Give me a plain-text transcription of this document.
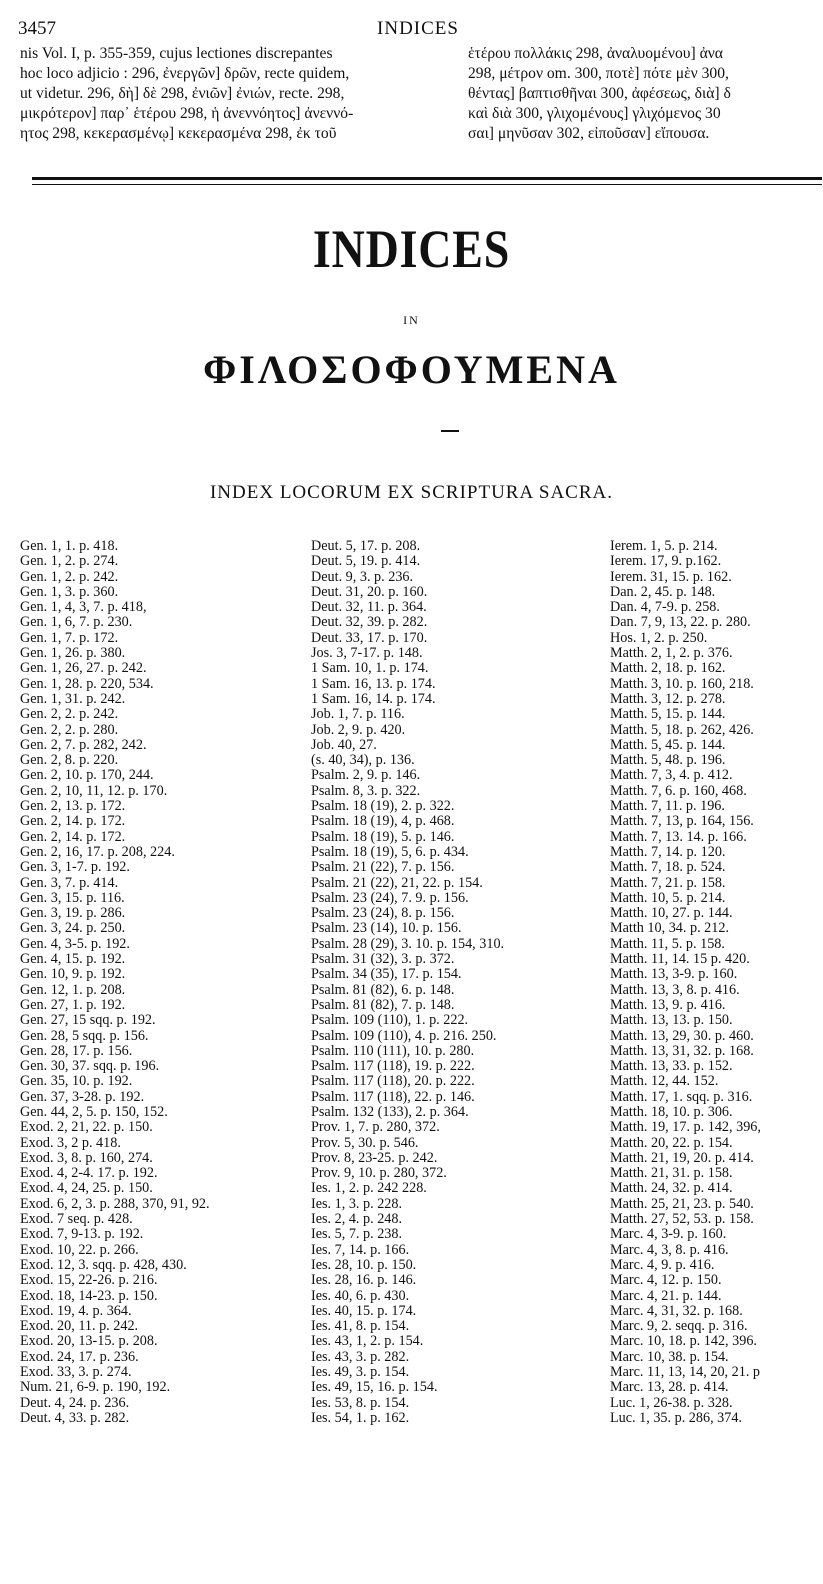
3457	INDICES
nis Vol. I, p. 355-359, cujus lectiones discrepantes
hoc loco adjicio : 296, ἐνεργῶν] δρῶν, recte quidem,
ut videtur. 296, δὴ] δὲ 298, ἐνιῶν] ἐνιών, recte. 298,
μικρότερον] παρ᾽ ἑτέρου 298, ἡ ἀνεννόητος] ἀνεννό-
ητος 298, κεκερασμένῳ] κεκερασμένα 298, ἐκ τοῦ
ἑτέρου πολλάκις 298, ἀναλυομένου] ἀνα
298, μέτρον om. 300, ποτὲ] πότε μὲν 300,
θέντας] βαπτισθῆναι 300, ἀφέσεως, διὰ] δ
καὶ διὰ 300, γλιχομένους] γλιχόμενος 30
σαι] μηνῦσαν 302, εἰποῦσαν] εἴπουσα.
INDICES
IN
ΦΙΛΟΣΟΦΟΥΜΕΝΑ
INDEX LOCORUM EX SCRIPTURA SACRA.
Gen. 1, 1. p. 418.
Gen. 1, 2. p. 274.
Gen. 1, 2. p. 242.
Gen. 1, 3. p. 360.
Gen. 1, 4, 3, 7. p. 418,
Gen. 1, 6, 7. p. 230.
Gen. 1, 7. p. 172.
Gen. 1, 26. p. 380.
Gen. 1, 26, 27. p. 242.
Gen. 1, 28. p. 220, 534.
Gen. 1, 31. p. 242.
Gen. 2, 2. p. 242.
Gen. 2, 2. p. 280.
Gen. 2, 7. p. 282, 242.
Gen. 2, 8. p. 220.
Gen. 2, 10. p. 170, 244.
Gen. 2, 10, 11, 12. p. 170.
Gen. 2, 13. p. 172.
Gen. 2, 14. p. 172.
Gen. 2, 14. p. 172.
Gen. 2, 16, 17. p. 208, 224.
Gen. 3, 1-7. p. 192.
Gen. 3, 7. p. 414.
Gen. 3, 15. p. 116.
Gen. 3, 19. p. 286.
Gen. 3, 24. p. 250.
Gen. 4, 3-5. p. 192.
Gen. 4, 15. p. 192.
Gen. 10, 9. p. 192.
Gen. 12, 1. p. 208.
Gen. 27, 1. p. 192.
Gen. 27, 15 sqq. p. 192.
Gen. 28, 5 sqq. p. 156.
Gen. 28, 17. p. 156.
Gen. 30, 37. sqq. p. 196.
Gen. 35, 10. p. 192.
Gen. 37, 3-28. p. 192.
Gen. 44, 2, 5. p. 150, 152.
Exod. 2, 21, 22. p. 150.
Exod. 3, 2 p. 418.
Exod. 3, 8. p. 160, 274.
Exod. 4, 2-4. 17. p. 192.
Exod. 4, 24, 25. p. 150.
Exod. 6, 2, 3. p. 288, 370, 91, 92.
Exod. 7 seq. p. 428.
Exod. 7, 9-13. p. 192.
Exod. 10, 22. p. 266.
Exod. 12, 3. sqq. p. 428, 430.
Exod. 15, 22-26. p. 216.
Exod. 18, 14-23. p. 150.
Exod. 19, 4. p. 364.
Exod. 20, 11. p. 242.
Exod. 20, 13-15. p. 208.
Exod. 24, 17. p. 236.
Exod. 33, 3. p. 274.
Num. 21, 6-9. p. 190, 192.
Deut. 4, 24. p. 236.
Deut. 4, 33. p. 282.
Deut. 5, 17. p. 208.
Deut. 5, 19. p. 414.
Deut. 9, 3. p. 236.
Deut. 31, 20. p. 160.
Deut. 32, 11. p. 364.
Deut. 32, 39. p. 282.
Deut. 33, 17. p. 170.
Jos. 3, 7-17. p. 148.
1 Sam. 10, 1. p. 174.
1 Sam. 16, 13. p. 174.
1 Sam. 16, 14. p. 174.
Job. 1, 7. p. 116.
Job. 2, 9. p. 420.
Job. 40, 27.
(s. 40, 34), p. 136.
Psalm. 2, 9. p. 146.
Psalm. 8, 3. p. 322.
Psalm. 18 (19), 2. p. 322.
Psalm. 18 (19), 4, p. 468.
Psalm. 18 (19), 5. p. 146.
Psalm. 18 (19), 5, 6. p. 434.
Psalm. 21 (22), 7. p. 156.
Psalm. 21 (22), 21, 22. p. 154.
Psalm. 23 (24), 7. 9. p. 156.
Psalm. 23 (24), 8. p. 156.
Psalm. 23 (14), 10. p. 156.
Psalm. 28 (29), 3. 10. p. 154, 310.
Psalm. 31 (32), 3. p. 372.
Psalm. 34 (35), 17. p. 154.
Psalm. 81 (82), 6. p. 148.
Psalm. 81 (82), 7. p. 148.
Psalm. 109 (110), 1. p. 222.
Psalm. 109 (110), 4. p. 216. 250.
Psalm. 110 (111), 10. p. 280.
Psalm. 117 (118), 19. p. 222.
Psalm. 117 (118), 20. p. 222.
Psalm. 117 (118), 22. p. 146.
Psalm. 132 (133), 2. p. 364.
Prov. 1, 7. p. 280, 372.
Prov. 5, 30. p. 546.
Prov. 8, 23-25. p. 242.
Prov. 9, 10. p. 280, 372.
Ies. 1, 2. p. 242 228.
Ies. 1, 3. p. 228.
Ies. 2, 4. p. 248.
Ies. 5, 7. p. 238.
Ies. 7, 14. p. 166.
Ies. 28, 10. p. 150.
Ies. 28, 16. p. 146.
Ies. 40, 6. p. 430.
Ies. 40, 15. p. 174.
Ies. 41, 8. p. 154.
Ies. 43, 1, 2. p. 154.
Ies. 43, 3. p. 282.
Ies. 49, 3. p. 154.
Ies. 49, 15, 16. p. 154.
Ies. 53, 8. p. 154.
Ies. 54, 1. p. 162.
Ierem. 1, 5. p. 214.
Ierem. 17, 9. p.162.
Ierem. 31, 15. p. 162.
Dan. 2, 45. p. 148.
Dan. 4, 7-9. p. 258.
Dan. 7, 9, 13, 22. p. 280.
Hos. 1, 2. p. 250.
Matth. 2, 1, 2. p. 376.
Matth. 2, 18. p. 162.
Matth. 3, 10. p. 160, 218.
Matth. 3, 12. p. 278.
Matth. 5, 15. p. 144.
Matth. 5, 18. p. 262, 426.
Matth. 5, 45. p. 144.
Matth. 5, 48. p. 196.
Matth. 7, 3, 4. p. 412.
Matth. 7, 6. p. 160, 468.
Matth. 7, 11. p. 196.
Matth. 7, 13, p. 164, 156.
Matth. 7, 13. 14. p. 166.
Matth. 7, 14. p. 120.
Matth. 7, 18. p. 524.
Matth. 7, 21. p. 158.
Matth. 10, 5. p. 214.
Matth. 10, 27. p. 144.
Matth 10, 34. p. 212.
Matth. 11, 5. p. 158.
Matth. 11, 14. 15 p. 420.
Matth. 13, 3-9. p. 160.
Matth. 13, 3, 8. p. 416.
Matth. 13, 9. p. 416.
Matth. 13, 13. p. 150.
Matth. 13, 29, 30. p. 460.
Matth. 13, 31, 32. p. 168.
Matth. 13, 33. p. 152.
Matth. 12, 44. 152.
Matth. 17, 1. sqq. p. 316.
Matth. 18, 10. p. 306.
Matth. 19, 17. p. 142, 396,
Matth. 20, 22. p. 154.
Matth. 21, 19, 20. p. 414.
Matth. 21, 31. p. 158.
Matth. 24, 32. p. 414.
Matth. 25, 21, 23. p. 540.
Matth. 27, 52, 53. p. 158.
Marc. 4, 3-9. p. 160.
Marc. 4, 3, 8. p. 416.
Marc. 4, 9. p. 416.
Marc. 4, 12. p. 150.
Marc. 4, 21. p. 144.
Marc. 4, 31, 32. p. 168.
Marc. 9, 2. seqq. p. 316.
Marc. 10, 18. p. 142, 396.
Marc. 10, 38. p. 154.
Marc. 11, 13, 14, 20, 21. p
Marc. 13, 28. p. 414.
Luc. 1, 26-38. p. 328.
Luc. 1, 35. p. 286, 374.
